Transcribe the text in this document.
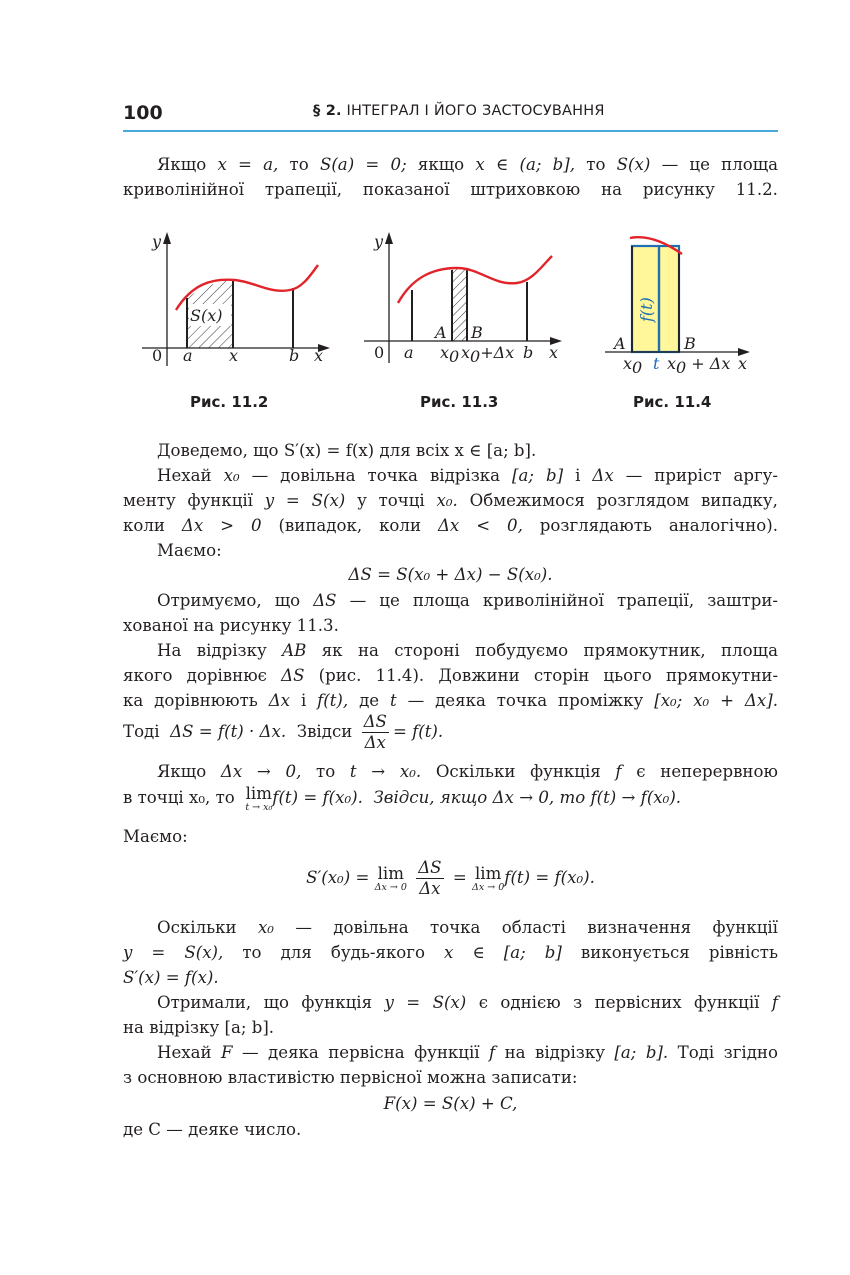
100	§ 2. ІНТЕГРАЛ І ЙОГО ЗАСТОСУВАННЯ
Якщо x = a, то S(a) = 0; якщо x ∈ (a; b], то S(x) — це площа
криволінійної трапеції, показаної штриховкою на рисунку 11.2.
S(x)
y
0 a x	b x
A B
y
0 a x0 x0+Δx b x
f(t)
A	B
x0 t x0 + Δx x
Рис. 11.2	Рис. 11.3	Рис. 11.4
Доведемо, що S′(x) = f(x) для всіх x ∈ [a; b].
Нехай x₀ — довільна точка відрізка [a; b] і Δx — приріст аргу-
менту функції y = S(x) у точці x₀. Обмежимося розглядом випадку,
коли Δx > 0 (випадок, коли Δx < 0, розглядають аналогічно).
Маємо:
ΔS = S(x₀ + Δx) − S(x₀).
Отримуємо, що ΔS — це площа криволінійної трапеції, заштри-
хованої на рисунку 11.3.
На відрізку AB як на стороні побудуємо прямокутник, площа
якого дорівнює ΔS (рис. 11.4). Довжини сторін цього прямокутни-
ка дорівнюють Δx і f(t), де t — деяка точка проміжку [x₀; x₀ + Δx].
Тоді ΔS = f(t) · Δx. Звідси $\frac{\Delta S}{\Delta x} = f(t)$.
Якщо Δx → 0, то t → x₀. Оскільки функція f є неперервною
в точці x₀, то lim
t → x₀
f(t) = f(x₀). Звідси, якщо Δx → 0, то f(t) → f(x₀).
Маємо:
S′(x₀) = lim
Δx → 0
$\frac{\Delta S}{\Delta x} = \lim$
Δx → 0 f(t) = f(x₀).
Оскільки x₀ — довільна точка області визначення функції
y = S(x), то для будь-якого x ∈ [a; b] виконується рівність
S′(x) = f(x).
Отримали, що функція y = S(x) є однією з первісних функції f
на відрізку [a; b].
Нехай F — деяка первісна функції f на відрізку [a; b]. Тоді згідно
з основною властивістю первісної можна записати:
F(x) = S(x) + C,
де C — деяке число.
